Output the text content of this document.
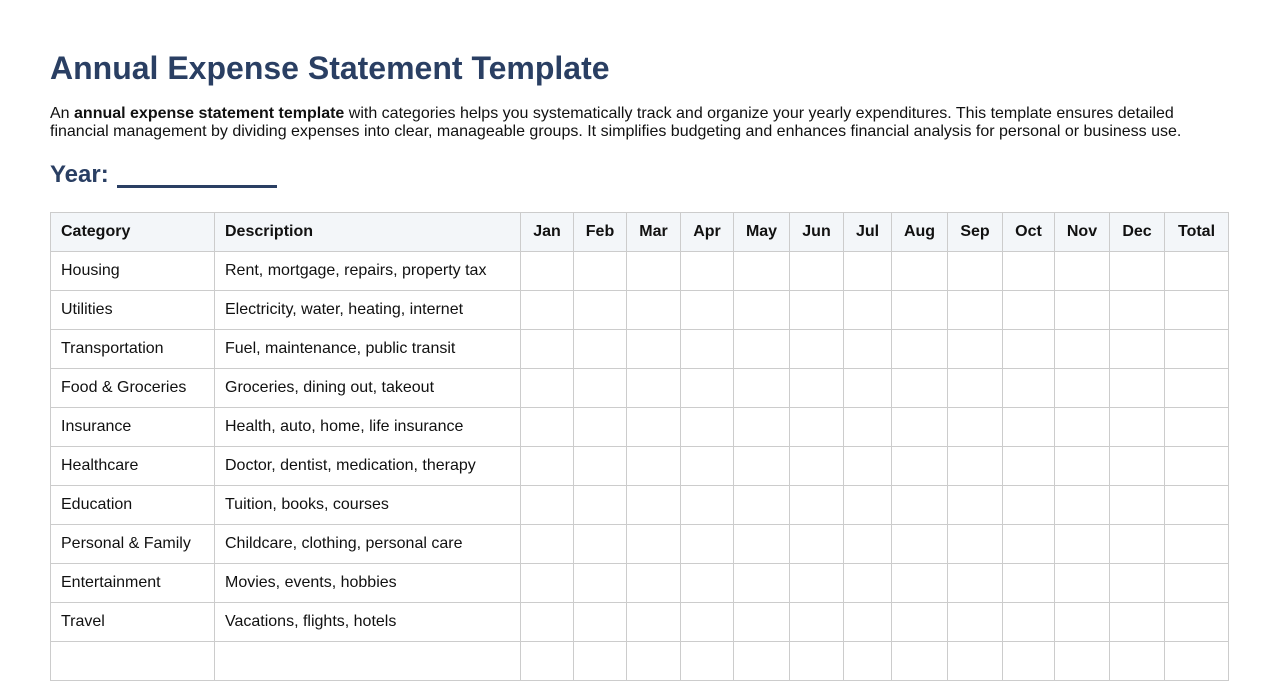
Annual Expense Statement Template

An annual expense statement template with categories helps you systematically track and organize your yearly expenditures. This template ensures detailed financial management by dividing expenses into clear, manageable groups. It simplifies budgeting and enhances financial analysis for personal or business use.

Year:
Category	Description	Jan	Feb	Mar	Apr	May	Jun	Jul	Aug	Sep	Oct	Nov	Dec	Total
Housing	Rent, mortgage, repairs, property tax													
Utilities	Electricity, water, heating, internet													
Transportation	Fuel, maintenance, public transit													
Food & Groceries	Groceries, dining out, takeout													
Insurance	Health, auto, home, life insurance													
Healthcare	Doctor, dentist, medication, therapy													
Education	Tuition, books, courses													
Personal & Family	Childcare, clothing, personal care													
Entertainment	Movies, events, hobbies													
Travel	Vacations, flights, hotels													
